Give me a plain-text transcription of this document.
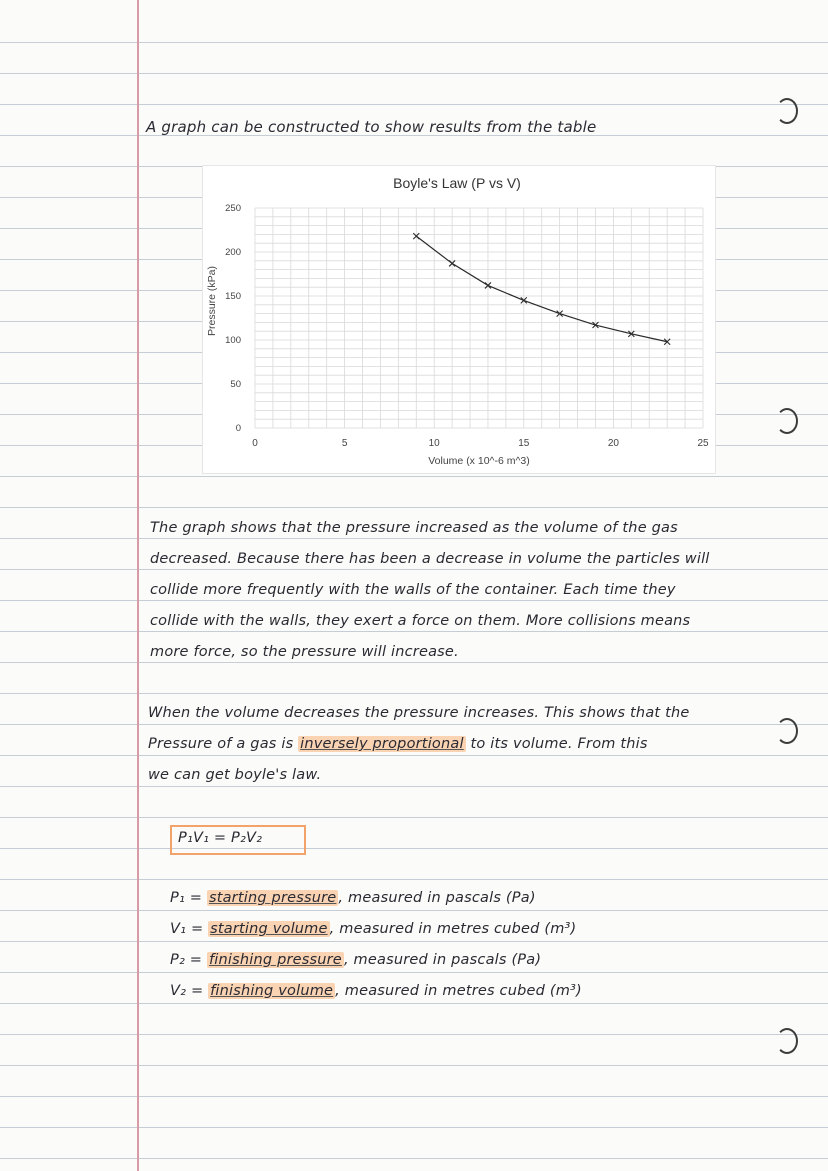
A graph can be constructed to show results from the table
Boyle's Law (P vs V)
Volume (x 10^-6 m^3)
Pressure (kPa)
0	5	10	15	20	25
0
50
100
150
200
250
The graph shows that the pressure increased as the volume of the gas
decreased. Because there has been a decrease in volume the particles will
collide more frequently with the walls of the container. Each time they
collide with the walls, they exert a force on them. More collisions means
more force, so the pressure will increase.
When the volume decreases the pressure increases. This shows that the
Pressure of a gas is inversely proportional to its volume. From this
we can get boyle's law.
P₁V₁ = P₂V₂
P₁ = starting pressure , measured in pascals (Pa)
V₁ = starting volume , measured in metres cubed (m³)
P₂ = finishing pressure , measured in pascals (Pa)
V₂ = finishing volume , measured in metres cubed (m³)
